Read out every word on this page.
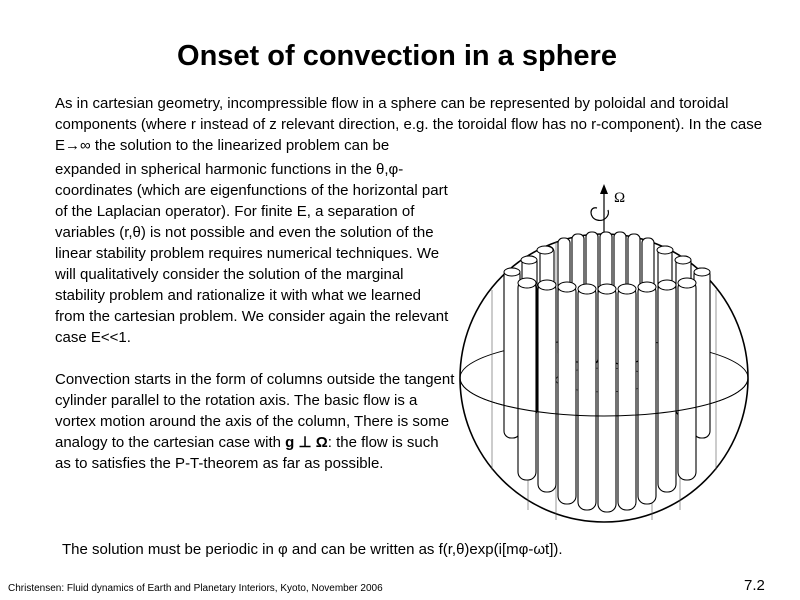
Onset of convection in a sphere
As in cartesian geometry, incompressible flow in a sphere can be represented by poloidal and toroidal components (where r instead of z relevant direction, e.g. the toroidal flow has no r-component). In the case E→∞ the solution to the linearized problem can be
expanded in spherical harmonic functions in the θ,φ-coordinates (which are eigenfunctions of the horizontal part of the Laplacian operator). For finite E, a separation of variables (r,θ) is not possible and even the solution of the linear stability problem requires numerical techniques. We will qualitatively consider the solution of the marginal stability problem and rationalize it with what we learned from the cartesian problem. We consider again the relevant case E<<1.
Convection starts in the form of columns outside the tangent cylinder parallel to the rotation axis. The basic flow is a vortex motion around the axis of the column, There is some analogy to the cartesian case with g ⊥ Ω: the flow is such as to satisfies the P-T-theorem as far as possible.
Ω
The solution must be periodic in φ and can be written as f(r,θ)exp(i[mφ-ωt]).
Christensen: Fluid dynamics of Earth and Planetary Interiors, Kyoto, November 2006	7.2
